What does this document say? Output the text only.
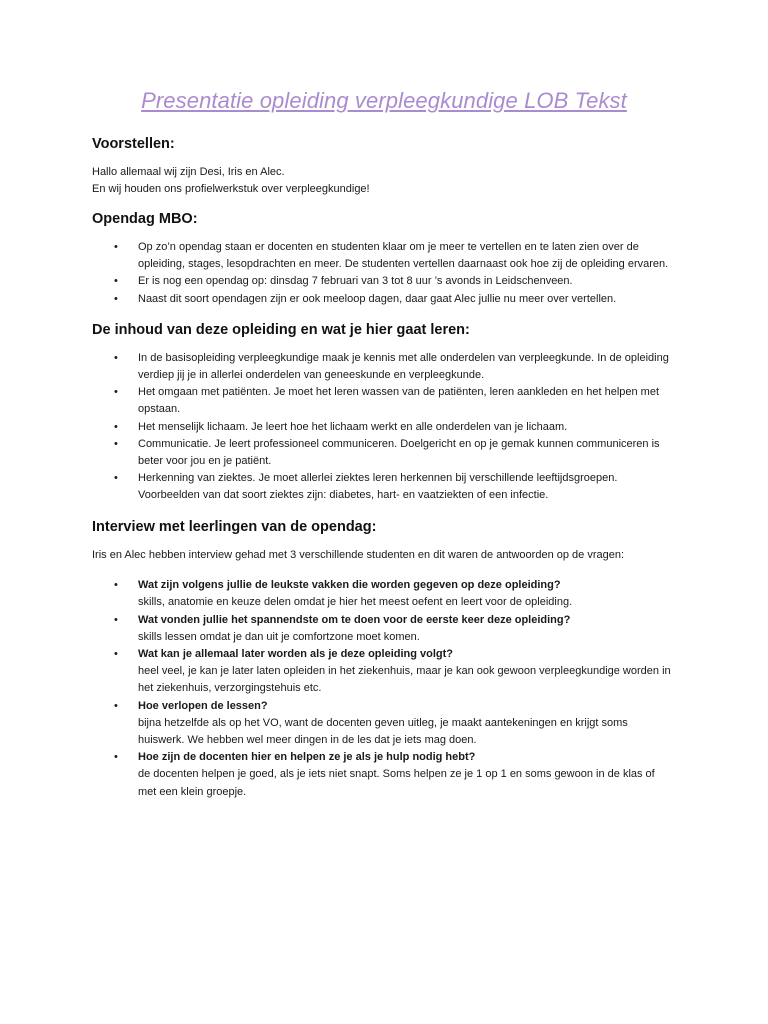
Presentatie opleiding verpleegkundige LOB Tekst
Voorstellen:

Hallo allemaal wij zijn Desi, Iris en Alec.
En wij houden ons profielwerkstuk over verpleegkundige!

Opendag MBO:
• Op zo’n opendag staan er docenten en studenten klaar om je meer te vertellen en te laten zien over de opleiding, stages, lesopdrachten en meer. De studenten vertellen daarnaast ook hoe zij de opleiding ervaren.
• Er is nog een opendag op: dinsdag 7 februari van 3 tot 8 uur ’s avonds in Leidschenveen.
• Naast dit soort opendagen zijn er ook meeloop dagen, daar gaat Alec jullie nu meer over vertellen.
De inhoud van deze opleiding en wat je hier gaat leren:
• In de basisopleiding verpleegkundige maak je kennis met alle onderdelen van verpleegkunde. In de opleiding verdiep jij je in allerlei onderdelen van geneeskunde en verpleegkunde.
• Het omgaan met patiënten. Je moet het leren wassen van de patiënten, leren aankleden en het helpen met opstaan.
• Het menselijk lichaam. Je leert hoe het lichaam werkt en alle onderdelen van je lichaam.
• Communicatie. Je leert professioneel communiceren. Doelgericht en op je gemak kunnen communiceren is beter voor jou en je patiënt.
• Herkenning van ziektes. Je moet allerlei ziektes leren herkennen bij verschillende leeftijdsgroepen. Voorbeelden van dat soort ziektes zijn: diabetes, hart- en vaatziekten of een infectie.
Interview met leerlingen van de opendag:

Iris en Alec hebben interview gehad met 3 verschillende studenten en dit waren de antwoorden op de vragen:

• Wat zijn volgens jullie de leukste vakken die worden gegeven op deze opleiding?
skills, anatomie en keuze delen omdat je hier het meest oefent en leert voor de opleiding.
• Wat vonden jullie het spannendste om te doen voor de eerste keer deze opleiding?
skills lessen omdat je dan uit je comfortzone moet komen.
• Wat kan je allemaal later worden als je deze opleiding volgt?
heel veel, je kan je later laten opleiden in het ziekenhuis, maar je kan ook gewoon verpleegkundige worden in het ziekenhuis, verzorgingstehuis etc.
• Hoe verlopen de lessen?
bijna hetzelfde als op het VO, want de docenten geven uitleg, je maakt aantekeningen en krijgt soms huiswerk. We hebben wel meer dingen in de les dat je iets mag doen.
• Hoe zijn de docenten hier en helpen ze je als je hulp nodig hebt?
de docenten helpen je goed, als je iets niet snapt. Soms helpen ze je 1 op 1 en soms gewoon in de klas of met een klein groepje.
